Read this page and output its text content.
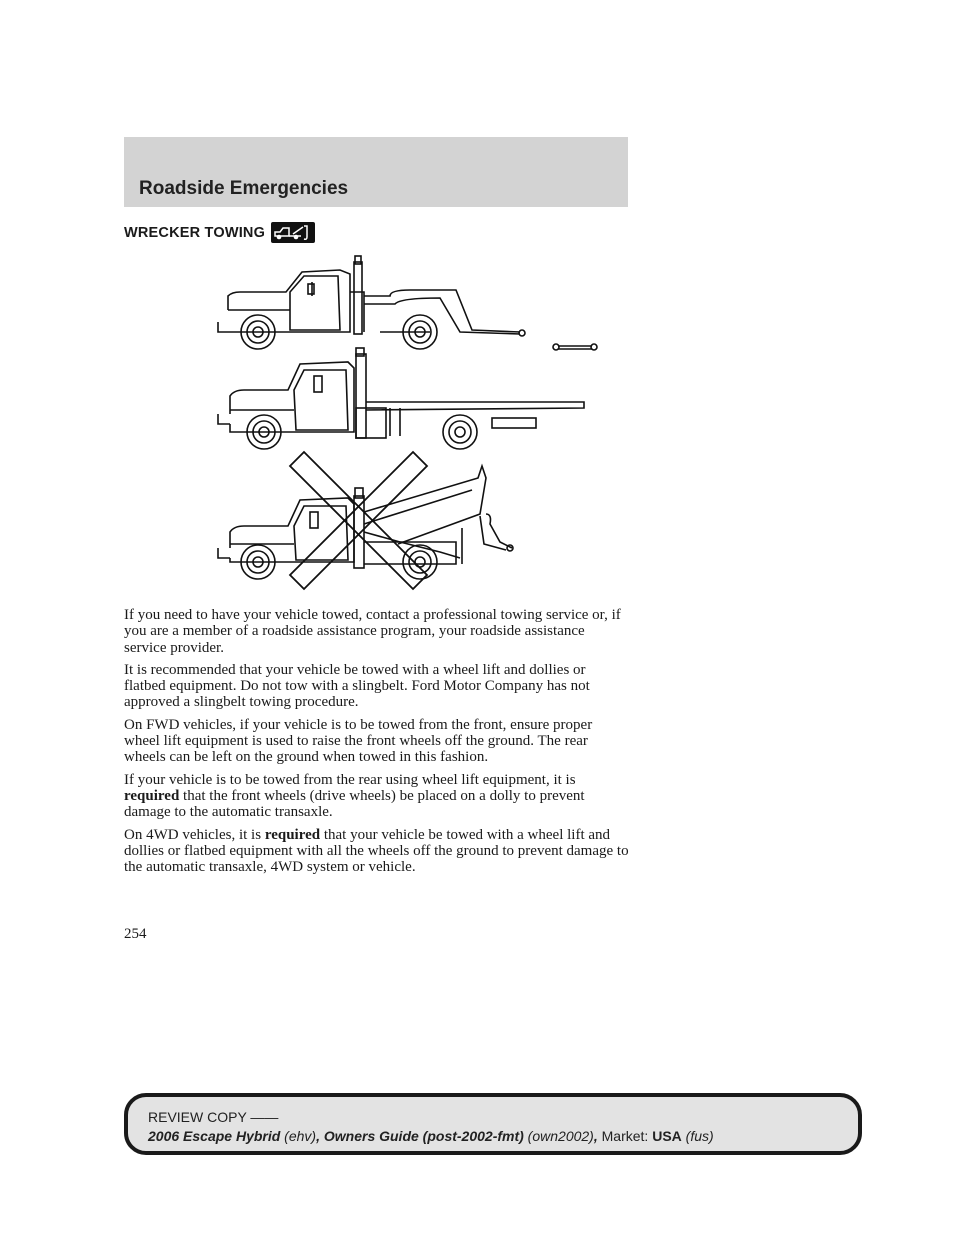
Roadside Emergencies
WRECKER TOWING

If you need to have your vehicle towed, contact a professional towing service or, if you are a member of a roadside assistance program, your roadside assistance service provider.

It is recommended that your vehicle be towed with a wheel lift and dollies or flatbed equipment. Do not tow with a slingbelt. Ford Motor Company has not approved a slingbelt towing procedure.

On FWD vehicles, if your vehicle is to be towed from the front, ensure proper wheel lift equipment is used to raise the front wheels off the ground. The rear wheels can be left on the ground when towed in this fashion.

If your vehicle is to be towed from the rear using wheel lift equipment, it is required that the front wheels (drive wheels) be placed on a dolly to prevent damage to the automatic transaxle.

On 4WD vehicles, it is required that your vehicle be towed with a wheel lift and dollies or flatbed equipment with all the wheels off the ground to prevent damage to the automatic transaxle, 4WD system or vehicle.

254
REVIEW COPY ——
2006 Escape Hybrid (ehv), Owners Guide (post-2002-fmt) (own2002), Market: USA (fus)
